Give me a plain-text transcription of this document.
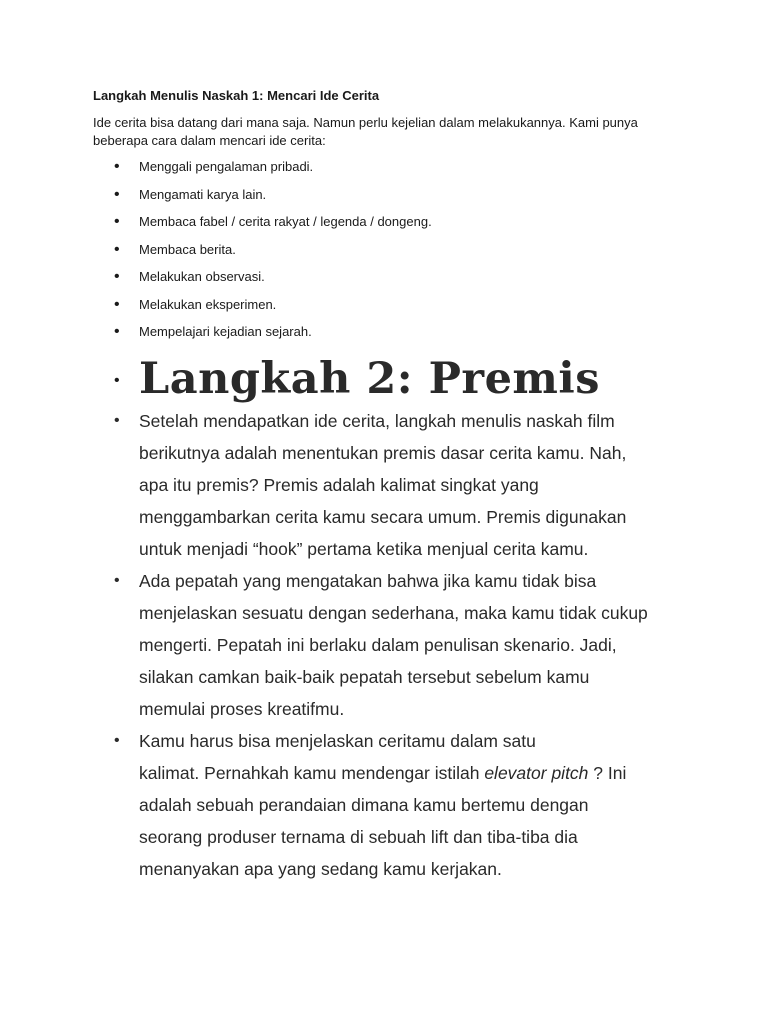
Langkah Menulis Naskah 1: Mencari Ide Cerita

Ide cerita bisa datang dari mana saja. Namun perlu kejelian dalam melakukannya. Kami punya
beberapa cara dalam mencari ide cerita:

• Menggali pengalaman pribadi.
• Mengamati karya lain.
• Membaca fabel / cerita rakyat / legenda / dongeng.
• Membaca berita.
• Melakukan observasi.
• Melakukan eksperimen.
• Mempelajari kejadian sejarah.
• Langkah 2: Premis
• Setelah mendapatkan ide cerita, langkah menulis naskah film
berikutnya adalah menentukan premis dasar cerita kamu. Nah,
apa itu premis? Premis adalah kalimat singkat yang
menggambarkan cerita kamu secara umum. Premis digunakan
untuk menjadi “hook” pertama ketika menjual cerita kamu.
• Ada pepatah yang mengatakan bahwa jika kamu tidak bisa
menjelaskan sesuatu dengan sederhana, maka kamu tidak cukup
mengerti. Pepatah ini berlaku dalam penulisan skenario. Jadi,
silakan camkan baik-baik pepatah tersebut sebelum kamu
memulai proses kreatifmu.
• Kamu harus bisa menjelaskan ceritamu dalam satu
kalimat. Pernahkah kamu mendengar istilah elevator pitch ? Ini
adalah sebuah perandaian dimana kamu bertemu dengan
seorang produser ternama di sebuah lift dan tiba-tiba dia
menanyakan apa yang sedang kamu kerjakan.
